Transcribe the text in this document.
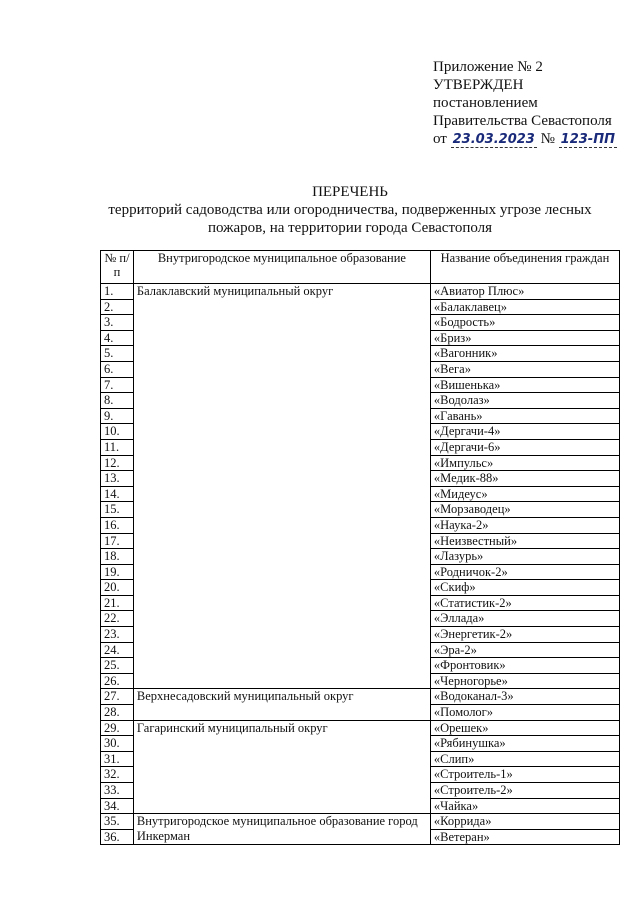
Приложение № 2
УТВЕРЖДЕН
постановлением
Правительства Севастополя
от 23.03.2023 № 123-ПП
ПЕРЕЧЕНЬ
территорий садоводства или огородничества, подверженных угрозе лесных
пожаров, на территории города Севастополя
№ п/п	Внутригородское муниципальное образование	Название объединения граждан
1.	Балаклавский муниципальный округ	«Авиатор Плюс»
2.		«Балаклавец»
3.		«Бодрость»
4.		«Бриз»
5.		«Вагонник»
6.		«Вега»
7.		«Вишенька»
8.		«Водолаз»
9.		«Гавань»
10.		«Дергачи-4»
11.		«Дергачи-6»
12.		«Импульс»
13.		«Медик-88»
14.		«Мидеус»
15.		«Морзаводец»
16.		«Наука-2»
17.		«Неизвестный»
18.		«Лазурь»
19.		«Родничок-2»
20.		«Скиф»
21.		«Статистик-2»
22.		«Эллада»
23.		«Энергетик-2»
24.		«Эра-2»
25.		«Фронтовик»
26.		«Черногорье»
27.	Верхнесадовский муниципальный округ	«Водоканал-3»
28.		«Помолог»
29.	Гагаринский муниципальный округ	«Орешек»
30.		«Рябинушка»
31.		«Слип»
32.		«Строитель-1»
33.		«Строитель-2»
34.		«Чайка»
35.	Внутригородское муниципальное образование город Инкерман	«Коррида»
36.		«Ветеран»
